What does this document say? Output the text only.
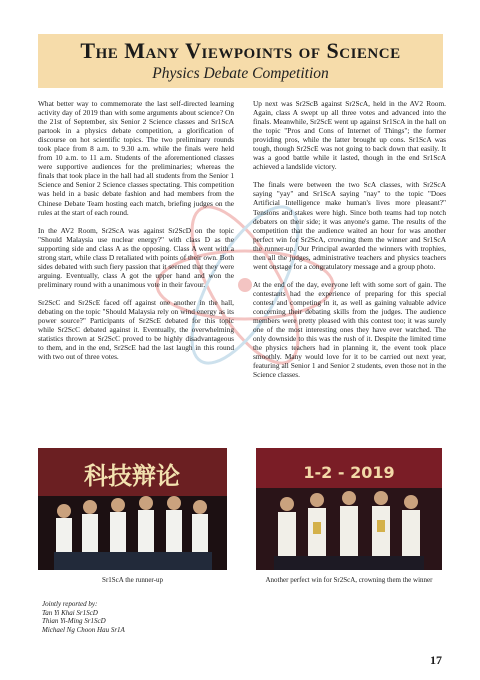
The Many Viewpoints of Science
Physics Debate Competition

What better way to commemorate the last self-directed learning activity day of 2019 than with some arguments about science? On the 21st of September, six Senior 2 Science classes and Sr1ScA partook in a physics debate competition, a glorification of discourse on hot scientific topics. The two preliminary rounds took place from 8 a.m. to 9.30 a.m. while the finals were held from 10 a.m. to 11 a.m. Students of the aforementioned classes were supportive audiences for the preliminaries; whereas the finals that took place in the hall had all students from the Senior 1 Science and Senior 2 Science classes spectating. This competition was held in a basic debate fashion and had members from the Chinese Debate Team hosting each match, briefing judges on the rules at the start of each round.

In the AV2 Room, Sr2ScA was against Sr2ScD on the topic "Should Malaysia use nuclear energy?" with class D as the supporting side and class A as the opposing. Class A went with a strong start, while class D retaliated with points of their own. Both sides debated with such fiery passion that it seemed that they were arguing. Eventually, class A got the upper hand and won the preliminary round with a unanimous vote in their favour.

Sr2ScC and Sr2ScE faced off against one another in the hall, debating on the topic "Should Malaysia rely on wind energy as its power source?" Participants of Sr2ScE debated for this topic while Sr2ScC debated against it. Eventually, the overwhelming statistics thrown at Sr2ScC proved to be highly disadvantageous to them, and in the end, Sr2ScE had the last laugh in this round with two out of three votes.

Up next was Sr2ScB against Sr2ScA, held in the AV2 Room. Again, class A swept up all three votes and advanced into the finals. Meanwhile, Sr2ScE went up against Sr1ScA in the hall on the topic "Pros and Cons of Internet of Things"; the former providing pros, while the latter brought up cons. Sr1ScA was tough, though Sr2ScE was not going to back down that easily. It was a good battle while it lasted, though in the end Sr1ScA achieved a landslide victory.

The finals were between the two ScA classes, with Sr2ScA saying "yay" and Sr1ScA saying "nay" to the topic "Does Artificial Intelligence make human's lives more pleasant?" Tensions and stakes were high. Since both teams had top notch debaters on their side; it was anyone's game. The results of the competition that the audience waited an hour for was another perfect win for Sr2ScA, crowning them the winner and Sr1ScA the runner-up. Our Principal awarded the winners with trophies, then all the judges, administrative teachers and physics teachers went onstage for a congratulatory message and a group photo.

At the end of the day, everyone left with some sort of gain. The contestants had the experience of preparing for this special contest and competing in it, as well as gaining valuable advice concerning their debating skills from the judges. The audience members were pretty pleased with this contest too; it was surely one of the most interesting ones they have ever watched. The only downside to this was the rush of it. Despite the limited time the physics teachers had in planning it, the event took place smoothly. Many would love for it to be carried out next year, featuring all Senior 1 and Senior 2 students, even those not in the Science classes.

科技辩论
Sr1ScA the runner-up
1-2 - 2019
Another perfect win for Sr2ScA, crowning them the winner
Jointly reported by:
Tan Yi Khai Sr1ScD
Thian Yi-Ming Sr1ScD
Michael Ng Choon Hau Sr1A
17
